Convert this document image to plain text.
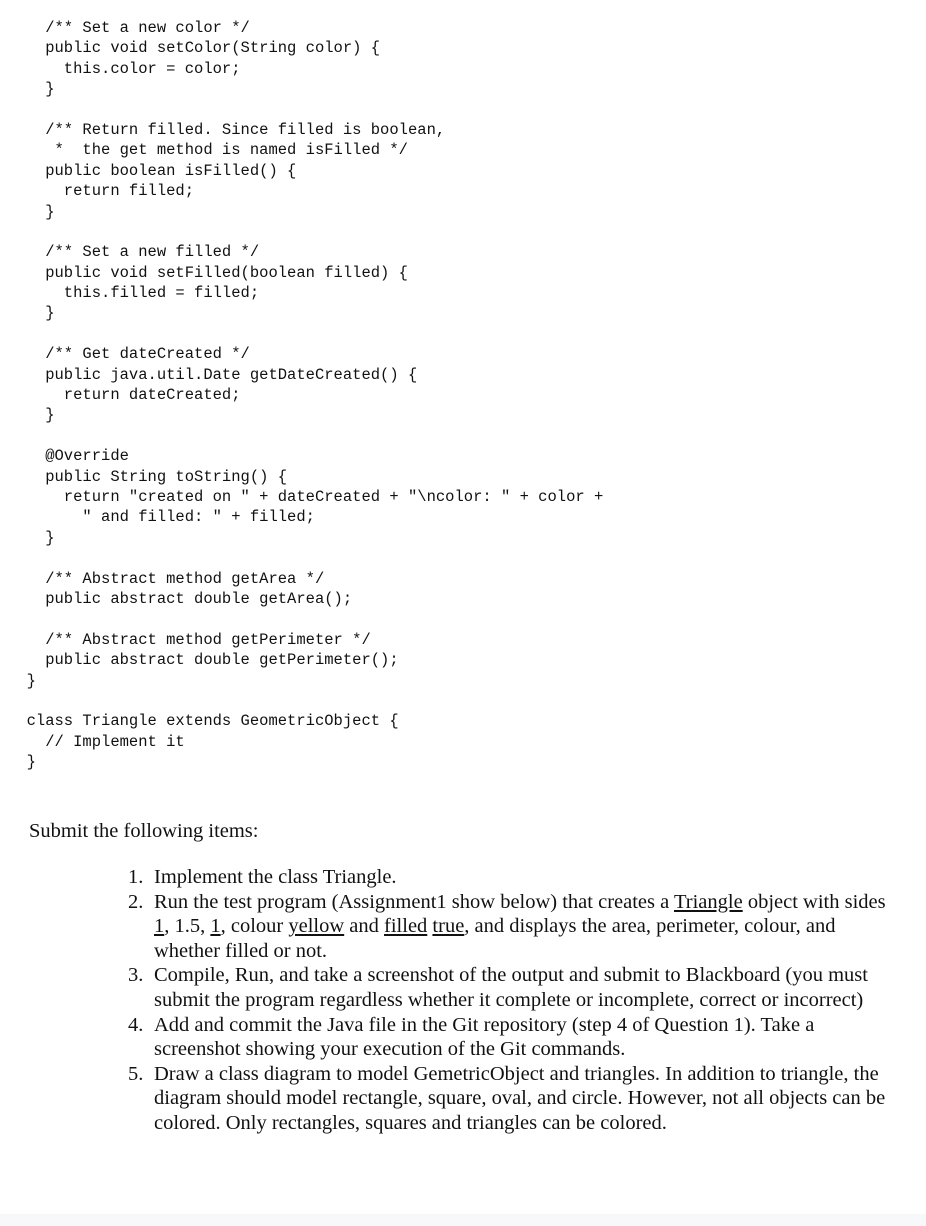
/** Set a new color */
public void setColor(String color) {
this.color = color;
}
/** Return filled. Since filled is boolean,
*  the get method is named isFilled */
public boolean isFilled() {
return filled;
}
/** Set a new filled */
public void setFilled(boolean filled) {
this.filled = filled;
}
/** Get dateCreated */
public java.util.Date getDateCreated() {
return dateCreated;
}
@Override
public String toString() {
return "created on " + dateCreated + "\ncolor: " + color +
" and filled: " + filled;
}
/** Abstract method getArea */
public abstract double getArea();
/** Abstract method getPerimeter */
public abstract double getPerimeter();
}
class Triangle extends GeometricObject {
// Implement it
}

Submit the following items:

1. Implement the class Triangle.
2. Run the test program (Assignment1 show below) that creates a Triangle object with sides 1, 1.5, 1, colour yellow and filled true, and displays the area, perimeter, colour, and whether filled or not.
3. Compile, Run, and take a screenshot of the output and submit to Blackboard (you must submit the program regardless whether it complete or incomplete, correct or incorrect)
4. Add and commit the Java file in the Git repository (step 4 of Question 1). Take a screenshot showing your execution of the Git commands.
5. Draw a class diagram to model GemetricObject and triangles. In addition to triangle, the diagram should model rectangle, square, oval, and circle. However, not all objects can be colored. Only rectangles, squares and triangles can be colored.
